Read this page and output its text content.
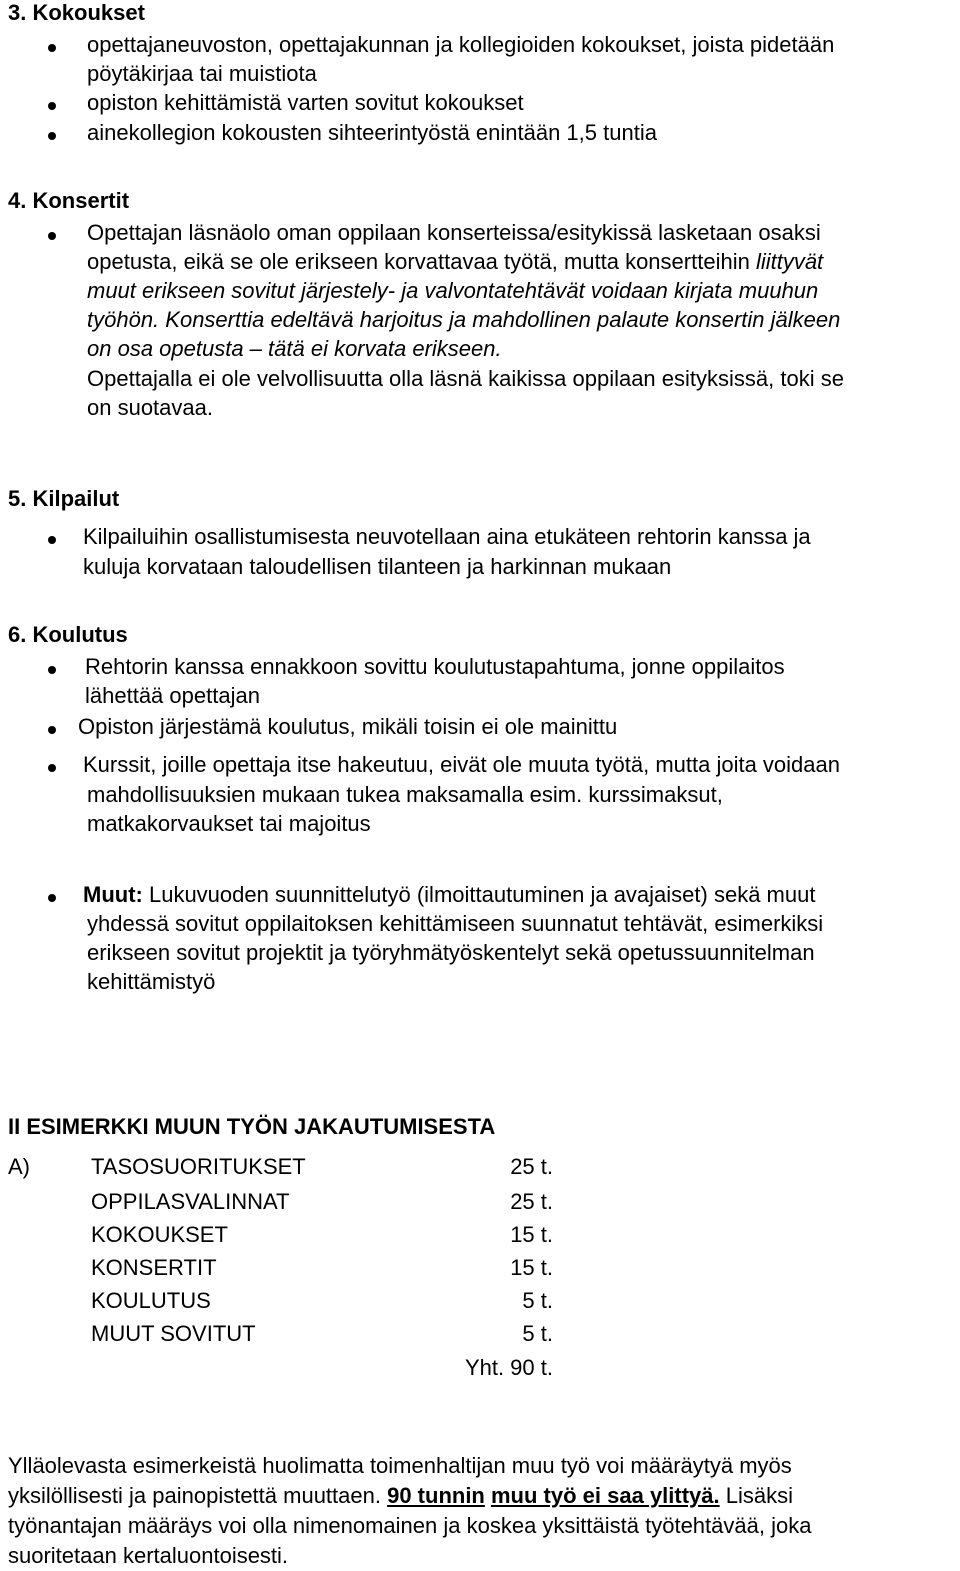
3. Kokoukset
opettajaneuvoston, opettajakunnan ja kollegioiden kokoukset, joista pidetään
pöytäkirjaa tai muistiota
opiston kehittämistä varten sovitut kokoukset
ainekollegion kokousten sihteerintyöstä enintään 1,5 tuntia
4. Konsertit
Opettajan läsnäolo oman oppilaan konserteissa/esitykissä lasketaan osaksi
opetusta, eikä se ole erikseen korvattavaa työtä, mutta konsertteihin liittyvät
muut erikseen sovitut järjestely- ja valvontatehtävät voidaan kirjata muuhun
työhön. Konserttia edeltävä harjoitus ja mahdollinen palaute konsertin jälkeen
on osa opetusta – tätä ei korvata erikseen.
Opettajalla ei ole velvollisuutta olla läsnä kaikissa oppilaan esityksissä, toki se
on suotavaa.
5. Kilpailut
Kilpailuihin osallistumisesta neuvotellaan aina etukäteen rehtorin kanssa ja
kuluja korvataan taloudellisen tilanteen ja harkinnan mukaan
6. Koulutus
Rehtorin kanssa ennakkoon sovittu koulutustapahtuma, jonne oppilaitos
lähettää opettajan
Opiston järjestämä koulutus, mikäli toisin ei ole mainittu
Kurssit, joille opettaja itse hakeutuu, eivät ole muuta työtä, mutta joita voidaan
mahdollisuuksien mukaan tukea maksamalla esim. kurssimaksut,
matkakorvaukset tai majoitus
Muut: Lukuvuoden suunnittelutyö (ilmoittautuminen ja avajaiset) sekä muut
yhdessä sovitut oppilaitoksen kehittämiseen suunnatut tehtävät, esimerkiksi
erikseen sovitut projektit ja työryhmätyöskentelyt sekä opetussuunnitelman
kehittämistyö
II ESIMERKKI MUUN TYÖN JAKAUTUMISESTA
A)	TASOSUORITUKSET	25 t.
OPPILASVALINNAT	25 t.
KOKOUKSET	15 t.
KONSERTIT	15 t.
KOULUTUS	5 t.
MUUT SOVITUT	5 t.
Yht. 90 t.
Ylläolevasta esimerkeistä huolimatta toimenhaltijan muu työ voi määräytyä myös
yksilöllisesti ja painopistettä muuttaen. 90 tunnin muu työ ei saa ylittyä. Lisäksi
työnantajan määräys voi olla nimenomainen ja koskea yksittäistä työtehtävää, joka
suoritetaan kertaluontoisesti.
